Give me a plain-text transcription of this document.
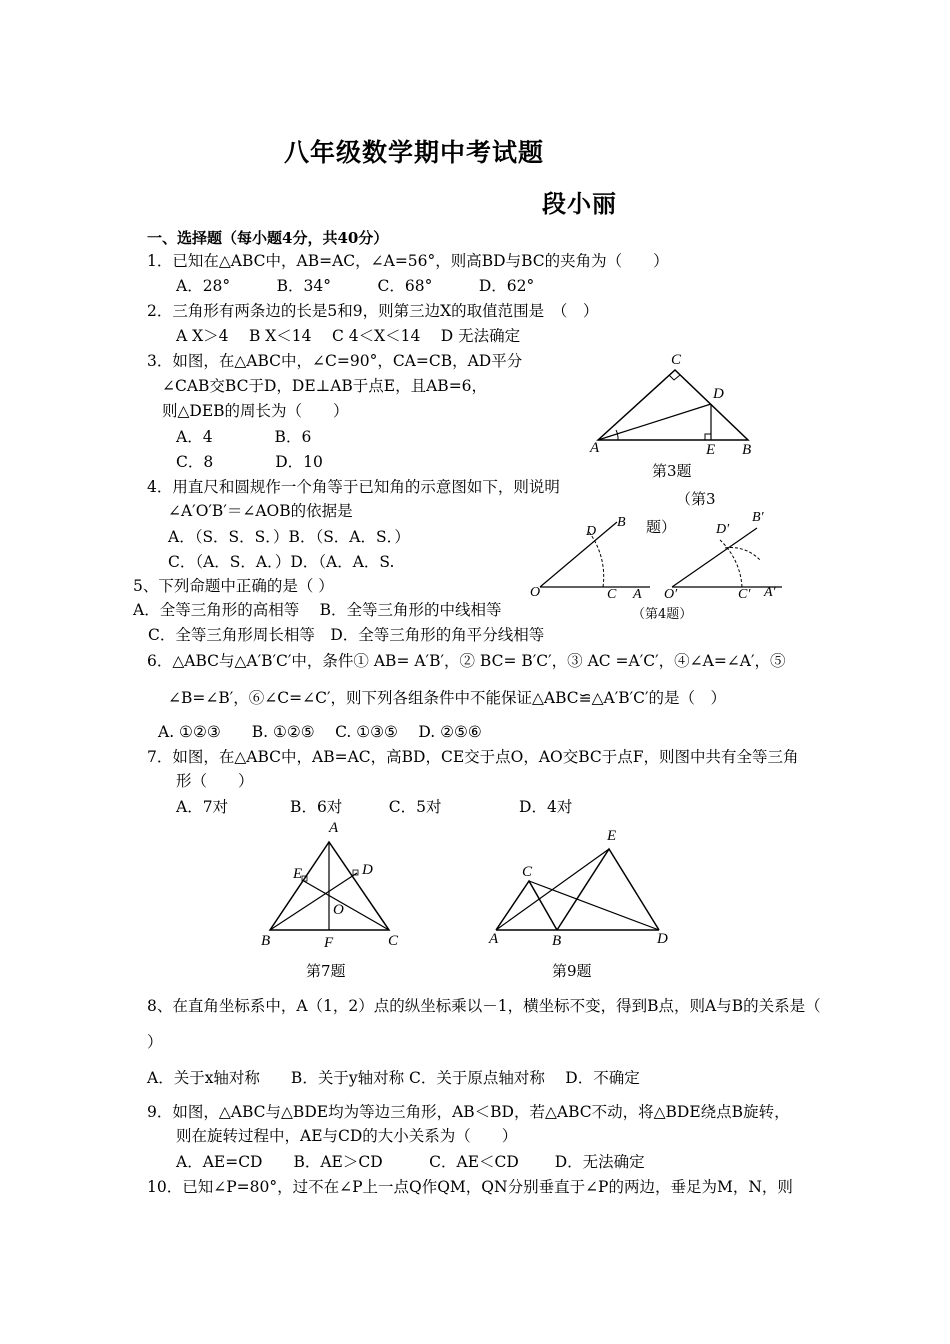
八年级数学期中考试题
段小丽
一、选择题（每小题4分，共40分）
1．已知在△ABC中，AB=AC，∠A=56°，则高BD与BC的夹角为（　　）
A．28°　　　B．34°　　　C．68°　　　D．62°
2．三角形有两条边的长是5和9，则第三边X的取值范围是　（　）
A X＞4　 B X＜14　 C 4＜X＜14　 D 无法确定
3．如图，在△ABC中，∠C=90°，CA=CB，AD平分
∠CAB交BC于D，DE⊥AB于点E，且AB=6，
则△DEB的周长为（　　）
A．4　　　　B．6
C．8　　　　D．10
C
D
A	E B
第3题
（第3
题）
4．用直尺和圆规作一个角等于已知角的示意图如下，则说明
∠A′O′B′＝∠AOB的依据是
A．（S．S．S．）B．（S．A．S．）
C．（A．S．A．）D．（A．A．S.
B
D
O	C A
B′
D′
O′	C′ A′
（第4题）
5、下列命题中正确的是（ ）
A．全等三角形的高相等　 B．全等三角形的中线相等
C．全等三角形周长相等　D．全等三角形的角平分线相等
6．△ABC与△A′B′C′中，条件① AB= A′B′，② BC= B′C′，③ AC =A′C′，④∠A=∠A′，⑤
∠B=∠B′，⑥∠C=∠C′，则下列各组条件中不能保证△ABC≌△A′B′C′的是（　）
A. ①②③　　B. ①②⑤　 C. ①③⑤　 D. ②⑤⑥
7．如图，在△ABC中，AB=AC，高BD，CE交于点O，AO交BC于点F，则图中共有全等三角
形（　　）
A．7对　　　　B．6对　　　C．5对　　　　　D．4对
A
E	D
O
B	F	C
第7题
E
C
A	B	D
第9题
8、在直角坐标系中，A（1，2）点的纵坐标乘以－1，横坐标不变，得到B点，则A与B的关系是（
）
A．关于x轴对称　　B．关于y轴对称 C．关于原点轴对称　 D．不确定
9．如图，△ABC与△BDE均为等边三角形，AB＜BD，若△ABC不动，将△BDE绕点B旋转，
则在旋转过程中，AE与CD的大小关系为（　　）
A．AE=CD　　B．AE＞CD　　　C．AE＜CD　　 D．无法确定
10．已知∠P=80°，过不在∠P上一点Q作QM，QN分别垂直于∠P的两边，垂足为M，N，则
